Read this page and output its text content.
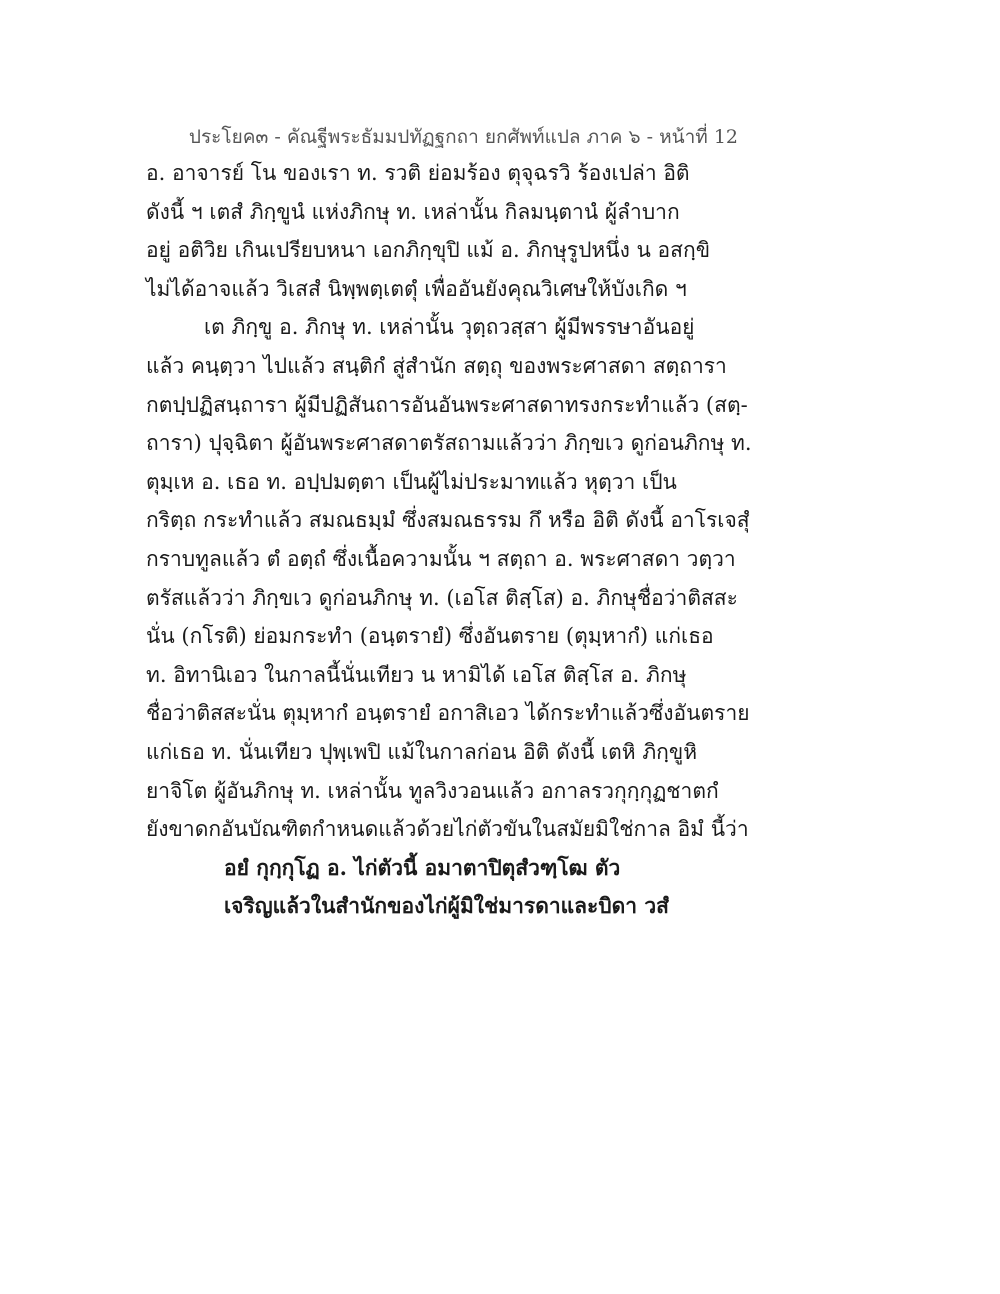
ประโยค๓ - คัณฐีพระธัมมปทัฏฐกถา ยกศัพท์แปล ภาค ๖ - หน้าที่ 12
อ. อาจารย์ โน ของเรา ท. รวติ ย่อมร้อง ตุจุฉรวิ ร้องเปล่า อิติ
ดังนี้ ฯ เตสํ ภิกฺขูนํ แห่งภิกษุ ท. เหล่านั้น กิลมนฺตานํ ผู้ลำบาก
อยู่ อติวิย เกินเปรียบหนา เอกภิกฺขุปิ แม้ อ. ภิกษุรูปหนึ่ง น อสกฺขิ
ไม่ได้อาจแล้ว วิเสสํ นิพฺพตฺเตตุํ เพื่ออันยังคุณวิเศษให้บังเกิด ฯ
เต ภิกฺขู อ. ภิกษุ ท. เหล่านั้น วุตฺถวสฺสา ผู้มีพรรษาอันอยู่
แล้ว คนฺตฺวา ไปแล้ว สนฺติกํ สู่สำนัก สตฺถุ ของพระศาสดา สตฺถารา
กตปฺปฏิสนฺถารา ผู้มีปฏิสันถารอันอันพระศาสดาทรงกระทำแล้ว (สตฺ-
ถารา) ปุจฺฉิตา ผู้อันพระศาสดาตรัสถามแล้วว่า ภิกฺขเว ดูก่อนภิกษุ ท.
ตุมฺเห อ. เธอ ท. อปฺปมตฺตา เป็นผู้ไม่ประมาทแล้ว หุตฺวา เป็น
กริตฺถ กระทำแล้ว สมณธมฺมํ ซึ่งสมณธรรม กึ หรือ อิติ ดังนี้ อาโรเจสุํ
กราบทูลแล้ว ตํ อตฺถํ ซึ่งเนื้อความนั้น ฯ สตฺถา อ. พระศาสดา วตฺวา
ตรัสแล้วว่า ภิกฺขเว ดูก่อนภิกษุ ท. (เอโส ติสฺโส) อ. ภิกษุชื่อว่าติสสะ
นั่น (กโรติ) ย่อมกระทำ (อนฺตรายํ) ซึ่งอันตราย (ตุมฺหากํ) แก่เธอ
ท. อิทานิเอว ในกาลนี้นั่นเทียว น หามิได้ เอโส ติสฺโส อ. ภิกษุ
ชื่อว่าติสสะนั่น ตุมฺหากํ อนฺตรายํ อกาสิเอว ได้กระทำแล้วซึ่งอันตราย
แก่เธอ ท. นั่นเทียว ปุพฺเพปิ แม้ในกาลก่อน อิติ ดังนี้ เตหิ ภิกฺขูหิ
ยาจิโต ผู้อันภิกษุ ท. เหล่านั้น ทูลวิงวอนแล้ว อกาลรวกุกฺกุฏชาตกํ
ยังขาดกอันบัณฑิตกำหนดแล้วด้วยไก่ตัวขันในสมัยมิใช่กาล อิมํ นี้ว่า
อยํ กุกฺกุโฏ อ. ไก่ตัวนี้ อมาตาปิตุสํวฑฺโฒ ตัว
เจริญแล้วในสำนักของไก่ผู้มิใช่มารดาและบิดา วสํ
